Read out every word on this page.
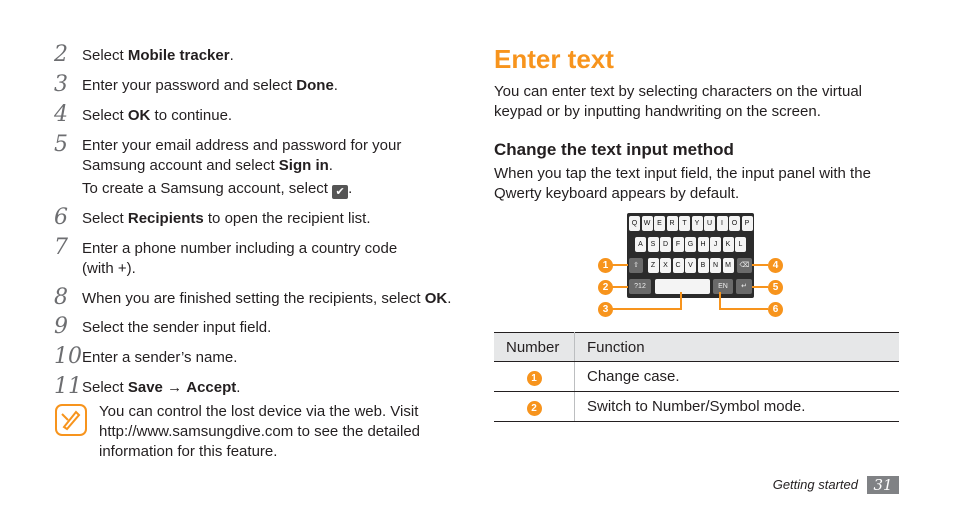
2 Select Mobile tracker.
3 Enter your password and select Done.
4 Select OK to continue.
5 Enter your email address and password for your
Samsung account and select Sign in.
To create a Samsung account, select ✔ .
6 Select Recipients to open the recipient list.
7 Enter a phone number including a country code
(with +).
8 When you are finished setting the recipients, select OK.
9 Select the sender input field.
10 Enter a sender’s name.
11 Select Save → Accept.
You can control the lost device via the web. Visit
http://www.samsungdive.com to see the detailed
information for this feature.
Enter text
You can enter text by selecting characters on the virtual
keypad or by inputting handwriting on the screen.
Change the text input method
When you tap the text input field, the input panel with the
Qwerty keyboard appears by default.
Q W E	R	T	Y	U	I	O	P
A	S	D	F	G	H	J	K	L
⇧	Z	X	C	V	B	N	M	⌫
?12	EN	↵
1
2
3
4
5
6
Number	Function
1	Change case.
2	Switch to Number/Symbol mode.
Getting started	31
